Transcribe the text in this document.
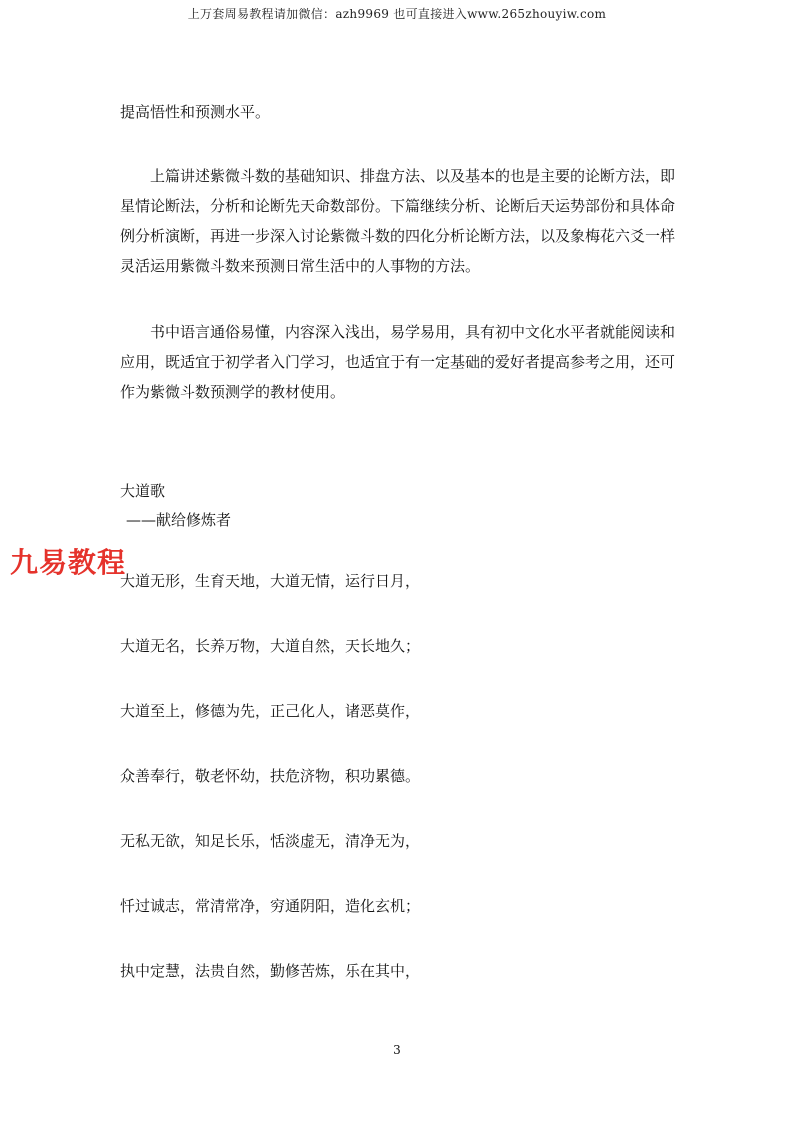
上万套周易教程请加微信：azh9969 也可直接进入www.265zhouyiw.com
提高悟性和预测水平。
上篇讲述紫微斗数的基础知识、排盘方法、以及基本的也是主要的论断方法，即星情论断法，分析和论断先天命数部份。下篇继续分析、论断后天运势部份和具体命例分析演断，再进一步深入讨论紫微斗数的四化分析论断方法，以及象梅花六爻一样灵活运用紫微斗数来预测日常生活中的人事物的方法。
书中语言通俗易懂，内容深入浅出，易学易用，具有初中文化水平者就能阅读和应用，既适宜于初学者入门学习，也适宜于有一定基础的爱好者提高参考之用，还可作为紫微斗数预测学的教材使用。
大道歌
——献给修炼者
九易教程
大道无形，生育天地，大道无情，运行日月，
大道无名，长养万物，大道自然，天长地久；
大道至上，修德为先，正己化人，诸恶莫作，
众善奉行，敬老怀幼，扶危济物，积功累德。
无私无欲，知足长乐，恬淡虚无，清净无为，
忏过诚志，常清常净，穷通阴阳，造化玄机；
执中定慧，法贵自然，勤修苦炼，乐在其中，
3
